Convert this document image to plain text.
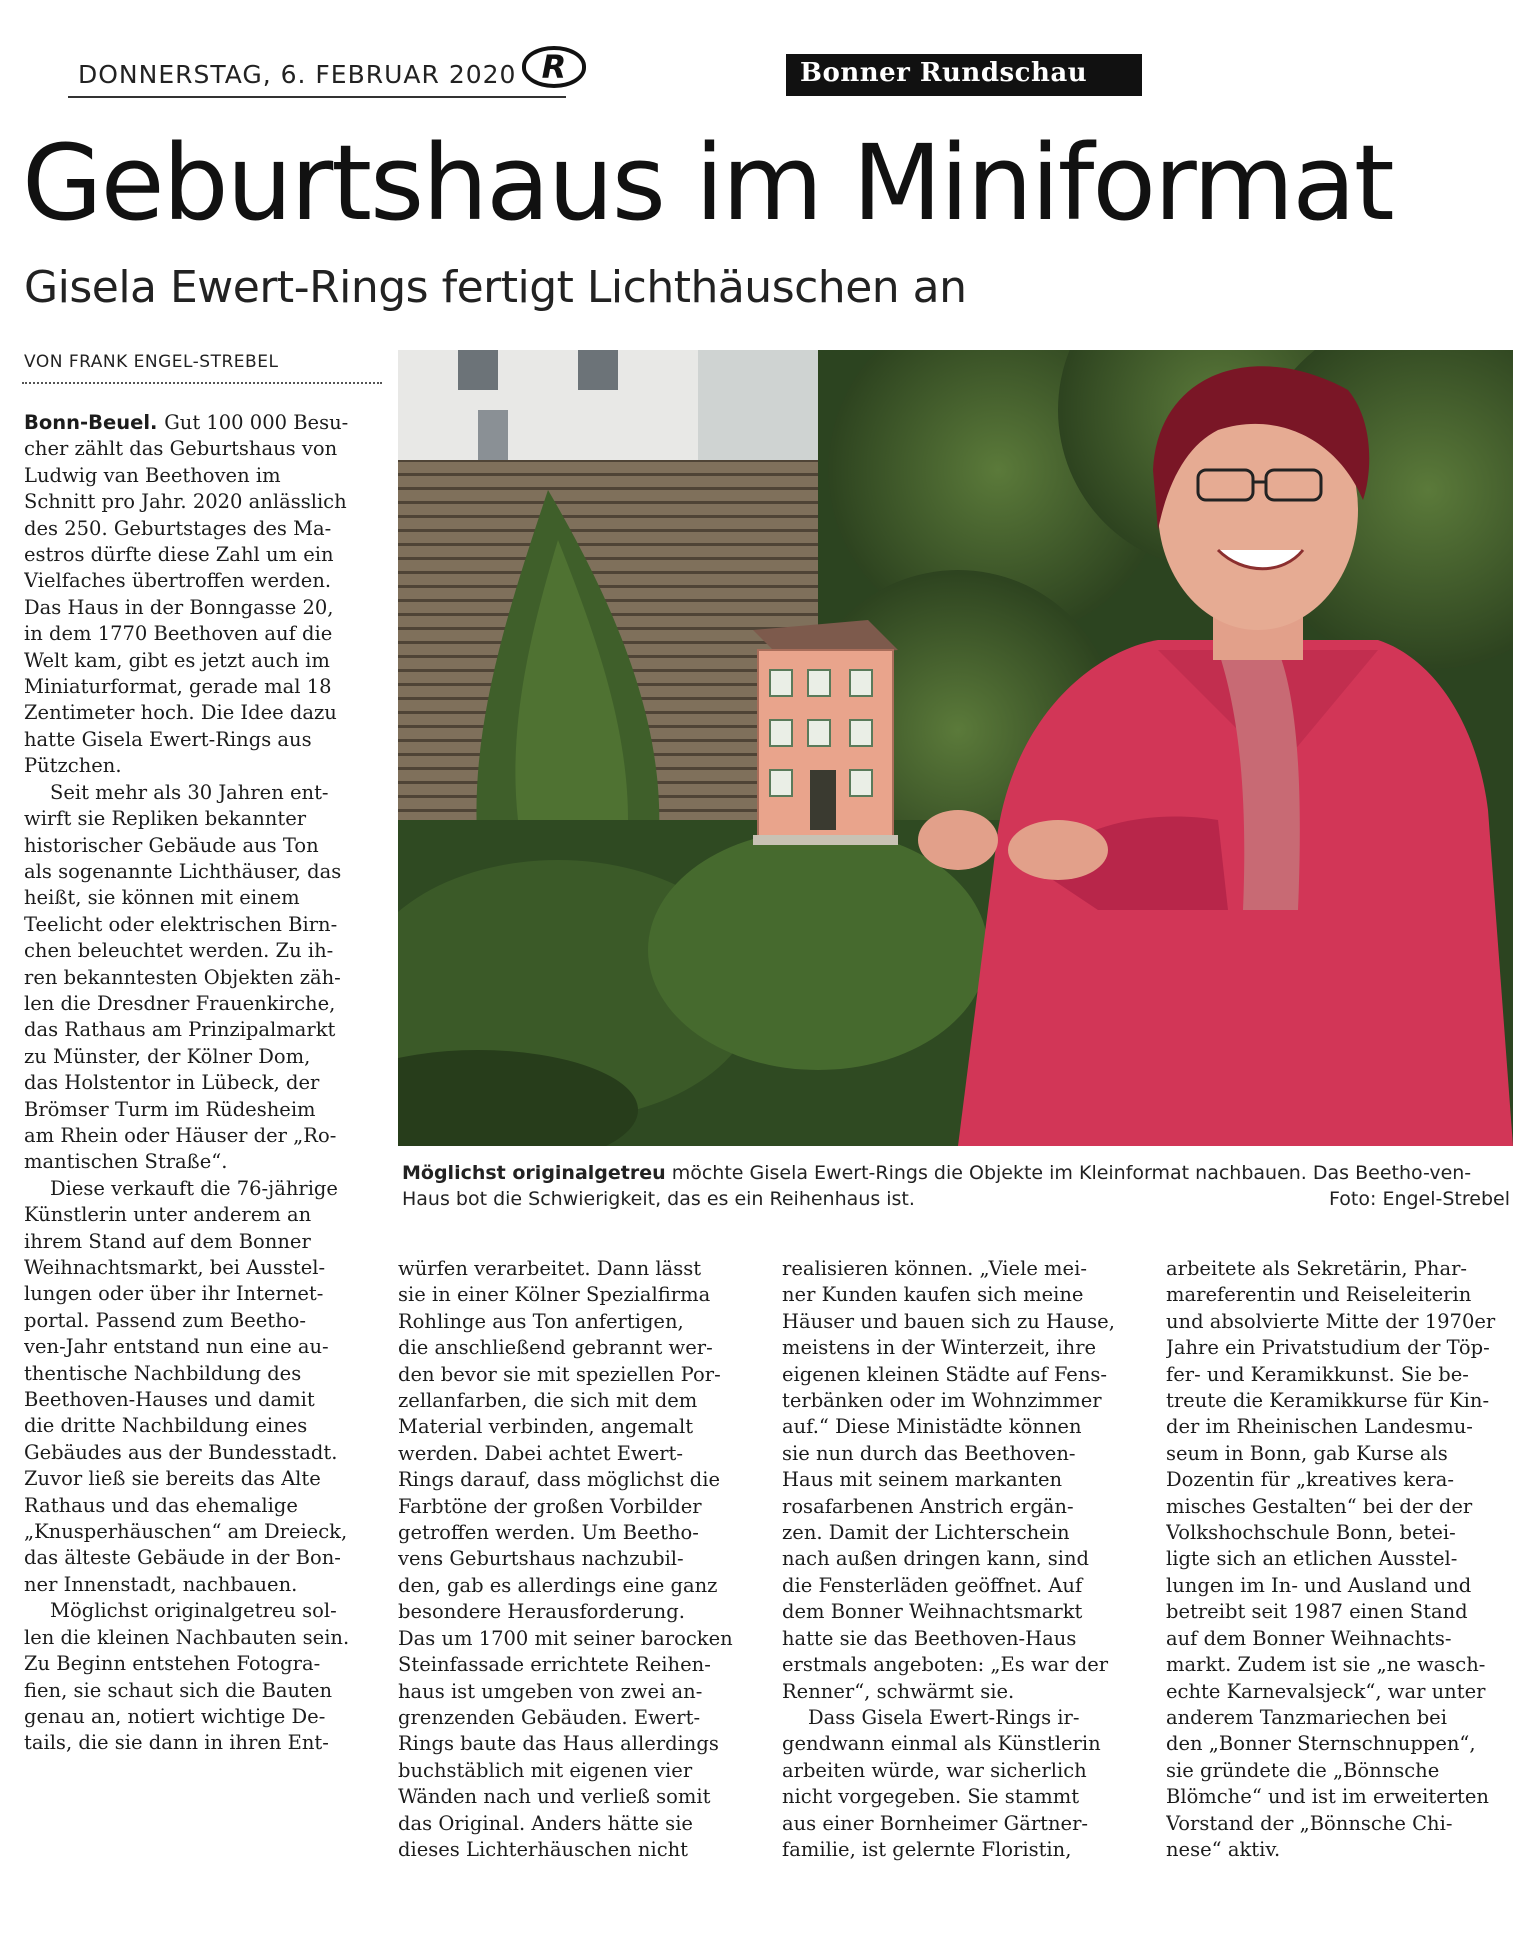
DONNERSTAG, 6. FEBRUAR 2020 R	Bonner Rundschau
Geburtshaus im Miniformat
Gisela Ewert-Rings fertigt Lichthäuschen an
VON FRANK ENGEL-STREBEL

Bonn-Beuel. Gut 100 000 Besu-
cher zählt das Geburtshaus von
Ludwig van Beethoven im
Schnitt pro Jahr. 2020 anlässlich
des 250. Geburtstages des Ma-
estros dürfte diese Zahl um ein
Vielfaches übertroffen werden.
Das Haus in der Bonngasse 20,
in dem 1770 Beethoven auf die
Welt kam, gibt es jetzt auch im
Miniaturformat, gerade mal 18
Zentimeter hoch. Die Idee dazu
hatte Gisela Ewert-Rings aus
Pützchen.

Seit mehr als 30 Jahren ent-
wirft sie Repliken bekannter
historischer Gebäude aus Ton
als sogenannte Lichthäuser, das
heißt, sie können mit einem
Teelicht oder elektrischen Birn-
chen beleuchtet werden. Zu ih-
ren bekanntesten Objekten zäh-
len die Dresdner Frauenkirche,
das Rathaus am Prinzipalmarkt
zu Münster, der Kölner Dom,
das Holstentor in Lübeck, der
Brömser Turm im Rüdesheim
am Rhein oder Häuser der „Ro-
mantischen Straße“.

Diese verkauft die 76-jährige
Künstlerin unter anderem an
ihrem Stand auf dem Bonner
Weihnachtsmarkt, bei Ausstel-
lungen oder über ihr Internet-
portal. Passend zum Beetho-
ven-Jahr entstand nun eine au-
thentische Nachbildung des
Beethoven-Hauses und damit
die dritte Nachbildung eines
Gebäudes aus der Bundesstadt.
Zuvor ließ sie bereits das Alte
Rathaus und das ehemalige
„Knusperhäuschen“ am Dreieck,
das älteste Gebäude in der Bon-
ner Innenstadt, nachbauen.

Möglichst originalgetreu sol-
len die kleinen Nachbauten sein.
Zu Beginn entstehen Fotogra-
fien, sie schaut sich die Bauten
genau an, notiert wichtige De-
tails, die sie dann in ihren Ent-

Möglichst originalgetreu möchte Gisela Ewert-Rings die Objekte im Kleinformat nachbauen. Das Beetho-ven-Haus bot die Schwierigkeit, das es ein Reihenhaus ist.	Foto: Engel-Strebel

würfen verarbeitet. Dann lässt
sie in einer Kölner Spezialfirma
Rohlinge aus Ton anfertigen,
die anschließend gebrannt wer-
den bevor sie mit speziellen Por-
zellanfarben, die sich mit dem
Material verbinden, angemalt
werden. Dabei achtet Ewert-
Rings darauf, dass möglichst die
Farbtöne der großen Vorbilder
getroffen werden. Um Beetho-
vens Geburtshaus nachzubil-
den, gab es allerdings eine ganz
besondere Herausforderung.
Das um 1700 mit seiner barocken
Steinfassade errichtete Reihen-
haus ist umgeben von zwei an-
grenzenden Gebäuden. Ewert-
Rings baute das Haus allerdings
buchstäblich mit eigenen vier
Wänden nach und verließ somit
das Original. Anders hätte sie
dieses Lichterhäuschen nicht

realisieren können. „Viele mei-
ner Kunden kaufen sich meine
Häuser und bauen sich zu Hause,
meistens in der Winterzeit, ihre
eigenen kleinen Städte auf Fens-
terbänken oder im Wohnzimmer
auf.“ Diese Ministädte können
sie nun durch das Beethoven-
Haus mit seinem markanten
rosafarbenen Anstrich ergän-
zen. Damit der Lichterschein
nach außen dringen kann, sind
die Fensterläden geöffnet. Auf
dem Bonner Weihnachtsmarkt
hatte sie das Beethoven-Haus
erstmals angeboten: „Es war der
Renner“, schwärmt sie.

Dass Gisela Ewert-Rings ir-
gendwann einmal als Künstlerin
arbeiten würde, war sicherlich
nicht vorgegeben. Sie stammt
aus einer Bornheimer Gärtner-
familie, ist gelernte Floristin,

arbeitete als Sekretärin, Phar-
mareferentin und Reiseleiterin
und absolvierte Mitte der 1970er
Jahre ein Privatstudium der Töp-
fer- und Keramikkunst. Sie be-
treute die Keramikkurse für Kin-
der im Rheinischen Landesmu-
seum in Bonn, gab Kurse als
Dozentin für „kreatives kera-
misches Gestalten“ bei der der
Volkshochschule Bonn, betei-
ligte sich an etlichen Ausstel-
lungen im In- und Ausland und
betreibt seit 1987 einen Stand
auf dem Bonner Weihnachts-
markt. Zudem ist sie „ne wasch-
echte Karnevalsjeck“, war unter
anderem Tanzmariechen bei
den „Bonner Sternschnuppen“,
sie gründete die „Bönnsche
Blömche“ und ist im erweiterten
Vorstand der „Bönnsche Chi-
nese“ aktiv.
